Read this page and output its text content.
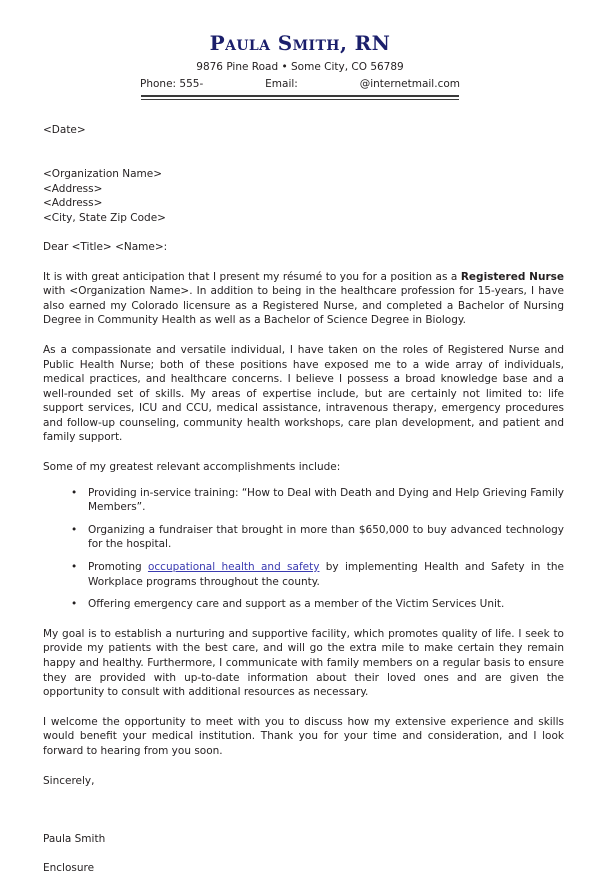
Paula Smith, RN
9876 Pine Road • Some City, CO 56789
Phone: 555-	Email:	@internetmail.com
<Date>
<Organization Name>
<Address>
<Address>
<City, State Zip Code>
Dear <Title> <Name>:

It is with great anticipation that I present my résumé to you for a position as a Registered Nurse with <Organization Name>. In addition to being in the healthcare profession for 15-years, I have also earned my Colorado licensure as a Registered Nurse, and completed a Bachelor of Nursing Degree in Community Health as well as a Bachelor of Science Degree in Biology.

As a compassionate and versatile individual, I have taken on the roles of Registered Nurse and Public Health Nurse; both of these positions have exposed me to a wide array of individuals, medical practices, and healthcare concerns. I believe I possess a broad knowledge base and a well-rounded set of skills. My areas of expertise include, but are certainly not limited to: life support services, ICU and CCU, medical assistance, intravenous therapy, emergency procedures and follow-up counseling, community health workshops, care plan development, and patient and family support.

Some of my greatest relevant accomplishments include:

• Providing in-service training: “How to Deal with Death and Dying and Help Grieving Family Members”.
• Organizing a fundraiser that brought in more than $650,000 to buy advanced technology for the hospital.
• Promoting occupational health and safety by implementing Health and Safety in the Workplace programs throughout the county.
• Offering emergency care and support as a member of the Victim Services Unit.

My goal is to establish a nurturing and supportive facility, which promotes quality of life. I seek to provide my patients with the best care, and will go the extra mile to make certain they remain happy and healthy. Furthermore, I communicate with family members on a regular basis to ensure they are provided with up-to-date information about their loved ones and are given the opportunity to consult with additional resources as necessary.

I welcome the opportunity to meet with you to discuss how my extensive experience and skills would benefit your medical institution. Thank you for your time and consideration, and I look forward to hearing from you soon.

Sincerely,
Paula Smith
Enclosure
